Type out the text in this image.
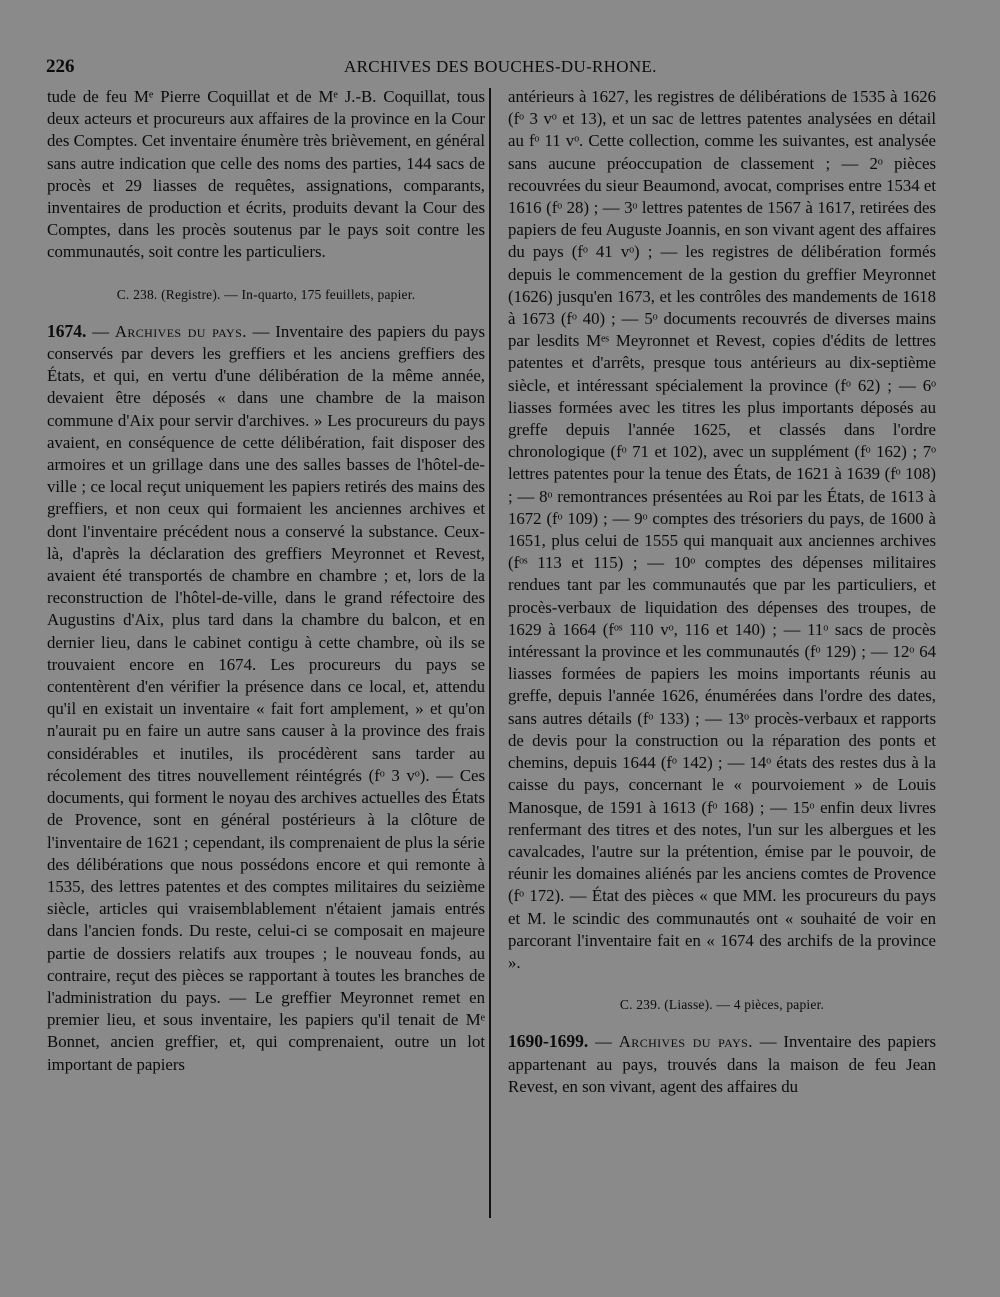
226	ARCHIVES DES BOUCHES-DU-RHONE.

tude de feu Mᵉ Pierre Coquillat et de Mᵉ J.-B. Coquillat, tous deux acteurs et procureurs aux affaires de la province en la Cour des Comptes. Cet inventaire énumère très brièvement, en général sans autre indication que celle des noms des parties, 144 sacs de procès et 29 liasses de requêtes, assignations, comparants, inventaires de production et écrits, produits devant la Cour des Comptes, dans les procès soutenus par le pays soit contre les communautés, soit contre les particuliers.

C. 238. (Registre). — In-quarto, 175 feuillets, papier.

1674. — Archives du pays. — Inventaire des papiers du pays conservés par devers les greffiers et les anciens greffiers des États, et qui, en vertu d'une délibération de la même année, devaient être déposés « dans une chambre de la maison commune d'Aix pour servir d'archives. » Les procureurs du pays avaient, en conséquence de cette délibération, fait disposer des armoires et un grillage dans une des salles basses de l'hôtel-de-ville ; ce local reçut uniquement les papiers retirés des mains des greffiers, et non ceux qui formaient les anciennes archives et dont l'inventaire précédent nous a conservé la substance. Ceux-là, d'après la déclaration des greffiers Meyronnet et Revest, avaient été transportés de chambre en chambre ; et, lors de la reconstruction de l'hôtel-de-ville, dans le grand réfectoire des Augustins d'Aix, plus tard dans la chambre du balcon, et en dernier lieu, dans le cabinet contigu à cette chambre, où ils se trouvaient encore en 1674. Les procureurs du pays se contentèrent d'en vérifier la présence dans ce local, et, attendu qu'il en existait un inventaire « fait fort amplement, » et qu'on n'aurait pu en faire un autre sans causer à la province des frais considérables et inutiles, ils procédèrent sans tarder au récolement des titres nouvellement réintégrés (fᵒ 3 vᵒ). — Ces documents, qui forment le noyau des archives actuelles des États de Provence, sont en général postérieurs à la clôture de l'inventaire de 1621 ; cependant, ils comprenaient de plus la série des délibérations que nous possédons encore et qui remonte à 1535, des lettres patentes et des comptes militaires du seizième siècle, articles qui vraisemblablement n'étaient jamais entrés dans l'ancien fonds. Du reste, celui-ci se composait en majeure partie de dossiers relatifs aux troupes ; le nouveau fonds, au contraire, reçut des pièces se rapportant à toutes les branches de l'administration du pays. — Le greffier Meyronnet remet en premier lieu, et sous inventaire, les papiers qu'il tenait de Mᵉ Bonnet, ancien greffier, et, qui comprenaient, outre un lot important de papiers

antérieurs à 1627, les registres de délibérations de 1535 à 1626 (fᵒ 3 vᵒ et 13), et un sac de lettres patentes analysées en détail au fᵒ 11 vᵒ. Cette collection, comme les suivantes, est analysée sans aucune préoccupation de classement ; — 2ᵒ pièces recouvrées du sieur Beaumond, avocat, comprises entre 1534 et 1616 (fᵒ 28) ; — 3ᵒ lettres patentes de 1567 à 1617, retirées des papiers de feu Auguste Joannis, en son vivant agent des affaires du pays (fᵒ 41 vᵒ) ; — les registres de délibération formés depuis le commencement de la gestion du greffier Meyronnet (1626) jusqu'en 1673, et les contrôles des mandements de 1618 à 1673 (fᵒ 40) ; — 5ᵒ documents recouvrés de diverses mains par lesdits Mᵉˢ Meyronnet et Revest, copies d'édits de lettres patentes et d'arrêts, presque tous antérieurs au dix-septième siècle, et intéressant spécialement la province (fᵒ 62) ; — 6ᵒ liasses formées avec les titres les plus importants déposés au greffe depuis l'année 1625, et classés dans l'ordre chronologique (fᵒ 71 et 102), avec un supplément (fᵒ 162) ; 7ᵒ lettres patentes pour la tenue des États, de 1621 à 1639 (fᵒ 108) ; — 8ᵒ remontrances présentées au Roi par les États, de 1613 à 1672 (fᵒ 109) ; — 9ᵒ comptes des trésoriers du pays, de 1600 à 1651, plus celui de 1555 qui manquait aux anciennes archives (fᵒˢ 113 et 115) ; — 10ᵒ comptes des dépenses militaires rendues tant par les communautés que par les particuliers, et procès-verbaux de liquidation des dépenses des troupes, de 1629 à 1664 (fᵒˢ 110 vᵒ, 116 et 140) ; — 11ᵒ sacs de procès intéressant la province et les communautés (fᵒ 129) ; — 12ᵒ 64 liasses formées de papiers les moins importants réunis au greffe, depuis l'année 1626, énumérées dans l'ordre des dates, sans autres détails (fᵒ 133) ; — 13ᵒ procès-verbaux et rapports de devis pour la construction ou la réparation des ponts et chemins, depuis 1644 (fᵒ 142) ; — 14ᵒ états des restes dus à la caisse du pays, concernant le « pourvoiement » de Louis Manosque, de 1591 à 1613 (fᵒ 168) ; — 15ᵒ enfin deux livres renfermant des titres et des notes, l'un sur les albergues et les cavalcades, l'autre sur la prétention, émise par le pouvoir, de réunir les domaines aliénés par les anciens comtes de Provence (fᵒ 172). — État des pièces « que MM. les procureurs du pays et M. le scindic des communautés ont « souhaité de voir en parcorant l'inventaire fait en « 1674 des archifs de la province ».

C. 239. (Liasse). — 4 pièces, papier.

1690-1699. — Archives du pays. — Inventaire des papiers appartenant au pays, trouvés dans la maison de feu Jean Revest, en son vivant, agent des affaires du
